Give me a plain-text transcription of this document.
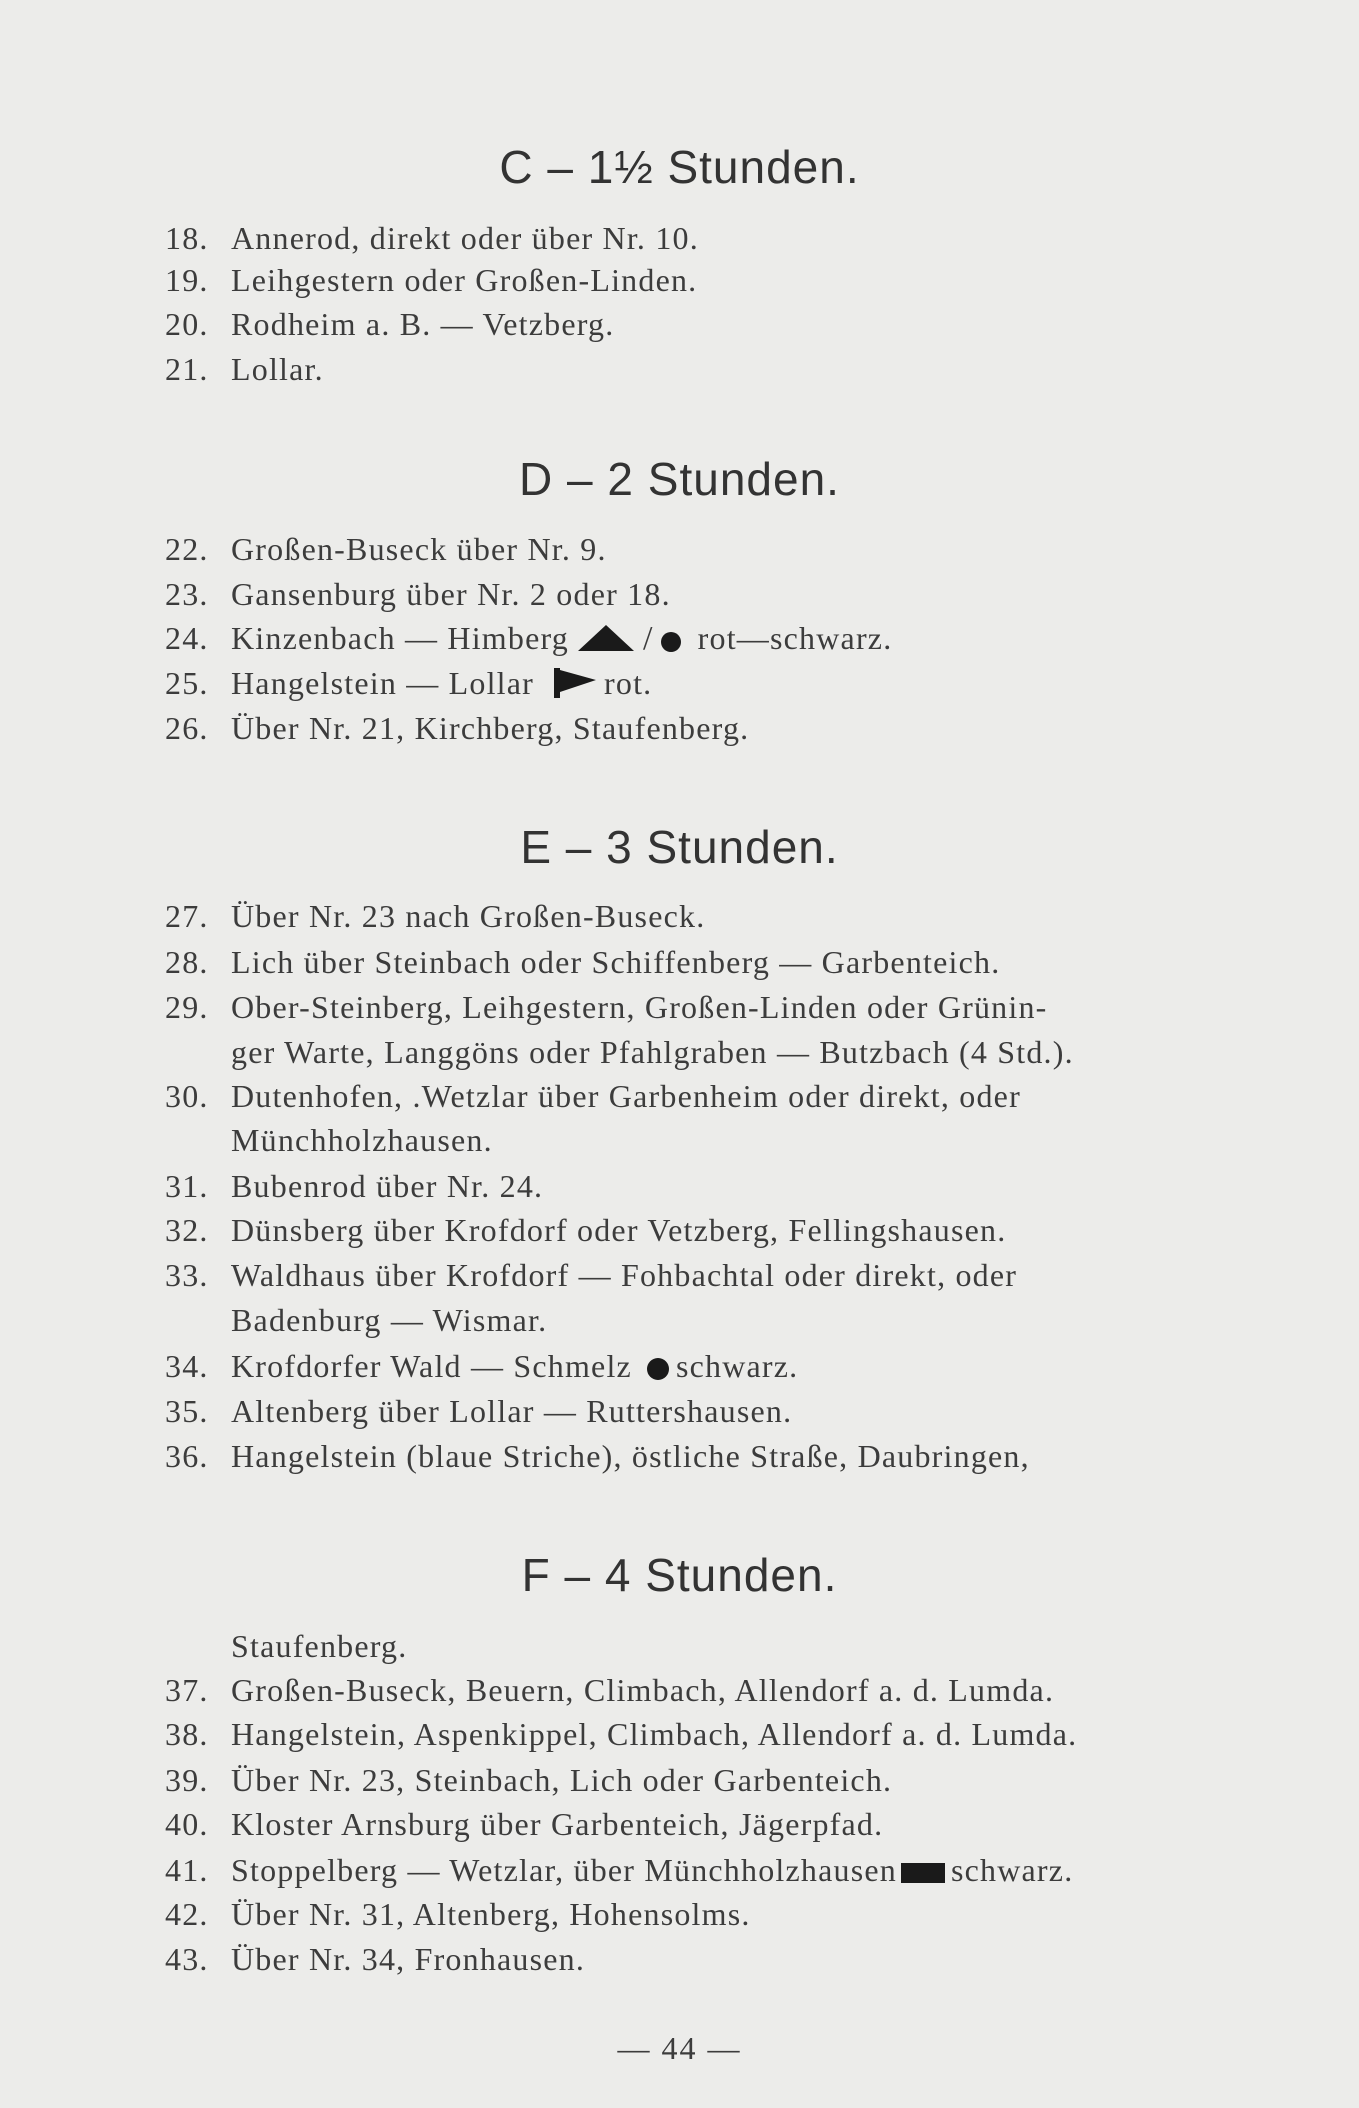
C – 1½ Stunden.
18. Annerod, direkt oder über Nr. 10.
19. Leihgestern oder Großen-Linden.
20. Rodheim a. B. — Vetzberg.
21. Lollar.
D – 2 Stunden.
22. Großen-Buseck über Nr. 9.
23. Gansenburg über Nr. 2 oder 18.
24. Kinzenbach — Himberg / rot—schwarz.
25. Hangelstein — Lollar rot.
26. Über Nr. 21, Kirchberg, Staufenberg.
E – 3 Stunden.
27. Über Nr. 23 nach Großen-Buseck.
28. Lich über Steinbach oder Schiffenberg — Garbenteich.
29. Ober-Steinberg, Leihgestern, Großen-Linden oder Grünin-
ger Warte, Langgöns oder Pfahlgraben — Butzbach (4 Std.).
30. Dutenhofen, .Wetzlar über Garbenheim oder direkt, oder
Münchholzhausen.
31. Bubenrod über Nr. 24.
32. Dünsberg über Krofdorf oder Vetzberg, Fellingshausen.
33. Waldhaus über Krofdorf — Fohbachtal oder direkt, oder
Badenburg — Wismar.
34. Krofdorfer Wald — Schmelz schwarz.
35. Altenberg über Lollar — Ruttershausen.
36. Hangelstein (blaue Striche), östliche Straße, Daubringen,
F – 4 Stunden.
Staufenberg.
37. Großen-Buseck, Beuern, Climbach, Allendorf a. d. Lumda.
38. Hangelstein, Aspenkippel, Climbach, Allendorf a. d. Lumda.
39. Über Nr. 23, Steinbach, Lich oder Garbenteich.
40. Kloster Arnsburg über Garbenteich, Jägerpfad.
41. Stoppelberg — Wetzlar, über Münchholzhausen schwarz.
42. Über Nr. 31, Altenberg, Hohensolms.
43. Über Nr. 34, Fronhausen.
— 44 —
